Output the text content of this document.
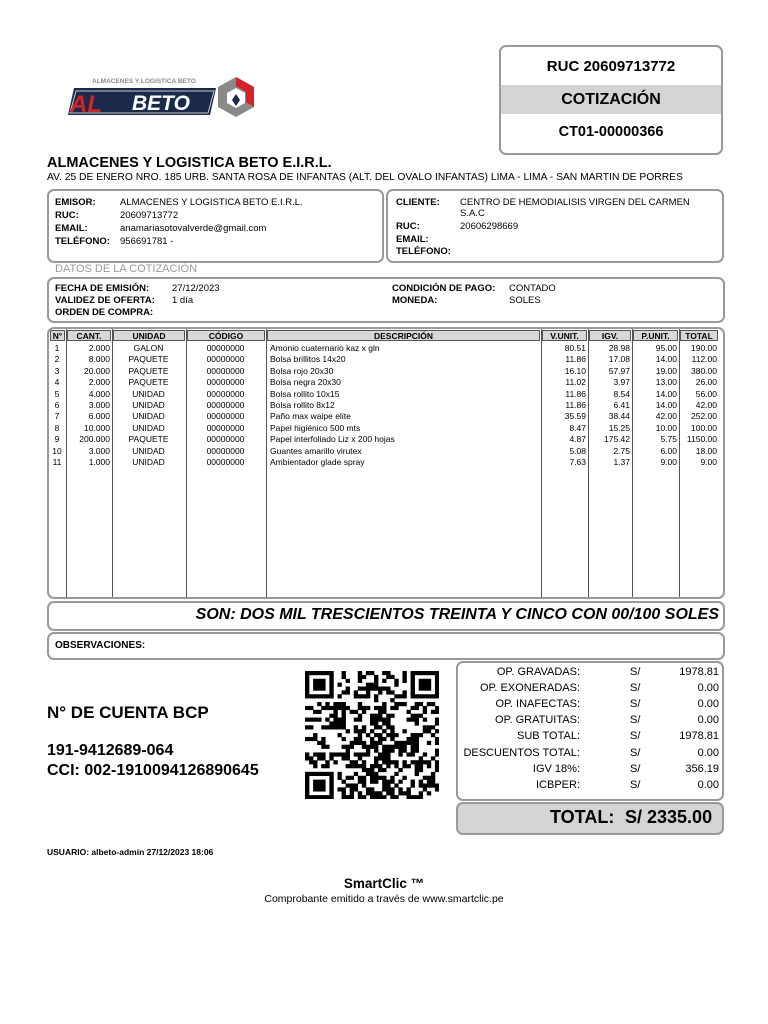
RUC 20609713772
COTIZACIÓN
CT01-00000366
ALMACENES Y LOGISTICA BETO
AL BETO
ALMACENES Y LOGISTICA BETO E.I.R.L.
AV. 25 DE ENERO NRO. 185 URB. SANTA ROSA DE INFANTAS (ALT. DEL OVALO INFANTAS) LIMA - LIMA - SAN MARTIN DE PORRES
EMISOR:	ALMACENES Y LOGISTICA BETO E.I.R.L.
RUC:	20609713772
EMAIL:	anamariasotovalverde@gmail.com
TELÉFONO: 956691781 -
CLIENTE: CENTRO DE HEMODIALISIS VIRGEN DEL CARMEN
S.A.C
RUC:	20606298669
EMAIL:
TELÉFONO:
DATOS DE LA COTIZACIÓN
FECHA DE EMISIÓN: 27/12/2023
VALIDEZ DE OFERTA: 1 día
ORDEN DE COMPRA:
CONDICIÓN DE PAGO: CONTADO
MONEDA:	SOLES
N°	CANT.	UNIDAD	CÓDIGO	DESCRIPCIÓN	V.UNIT.	IGV.	P.UNIT.	TOTAL
1	2.000	GALON	00000000	Amonio cuaternario kaz x gln	80.51	28.98	95.00	190.00
2	8.000	PAQUETE	00000000	Bolsa brillitos 14x20	11.86	17.08	14.00	112.00
3	20.000	PAQUETE	00000000	Bolsa rojo 20x30	16.10	57.97	19.00	380.00
4	2.000	PAQUETE	00000000	Bolsa negra 20x30	11.02	3.97	13.00	26.00
5	4.000	UNIDAD	00000000	Bolsa rollito 10x15	11.86	8.54	14.00	56.00
6	3.000	UNIDAD	00000000	Bolsa rollito 8x12	11.86	6.41	14.00	42.00
7	6.000	UNIDAD	00000000	Paño max waipe elite	35.59	38.44	42.00	252.00
8	10.000	UNIDAD	00000000	Papel higiénico 500 mts	8.47	15.25	10.00	100.00
9	200.000	PAQUETE	00000000	Papel interfoliado Liz x 200 hojas	4.87	175.42	5.75	1150.00
10	3.000	UNIDAD	00000000	Guantes amarillo virutex	5.08	2.75	6.00	18.00
11	1.000	UNIDAD	00000000	Ambientador glade spray	7.63	1.37	9.00	9.00
SON: DOS MIL TRESCIENTOS TREINTA Y CINCO CON 00/100 SOLES
OBSERVACIONES:
N° DE CUENTA BCP
191-9412689-064
CCI: 002-1910094126890645
OP. GRAVADAS:	S/	1978.81
OP. EXONERADAS:	S/	0.00
OP. INAFECTAS:	S/	0.00
OP. GRATUITAS:	S/	0.00
SUB TOTAL:	S/	1978.81
DESCUENTOS TOTAL:	S/	0.00
IGV 18%:	S/	356.19
ICBPER:	S/	0.00
TOTAL: S/ 2335.00
USUARIO: albeto-admin 27/12/2023 18:06
SmartClic ™
Comprobante emitido a través de www.smartclic.pe
